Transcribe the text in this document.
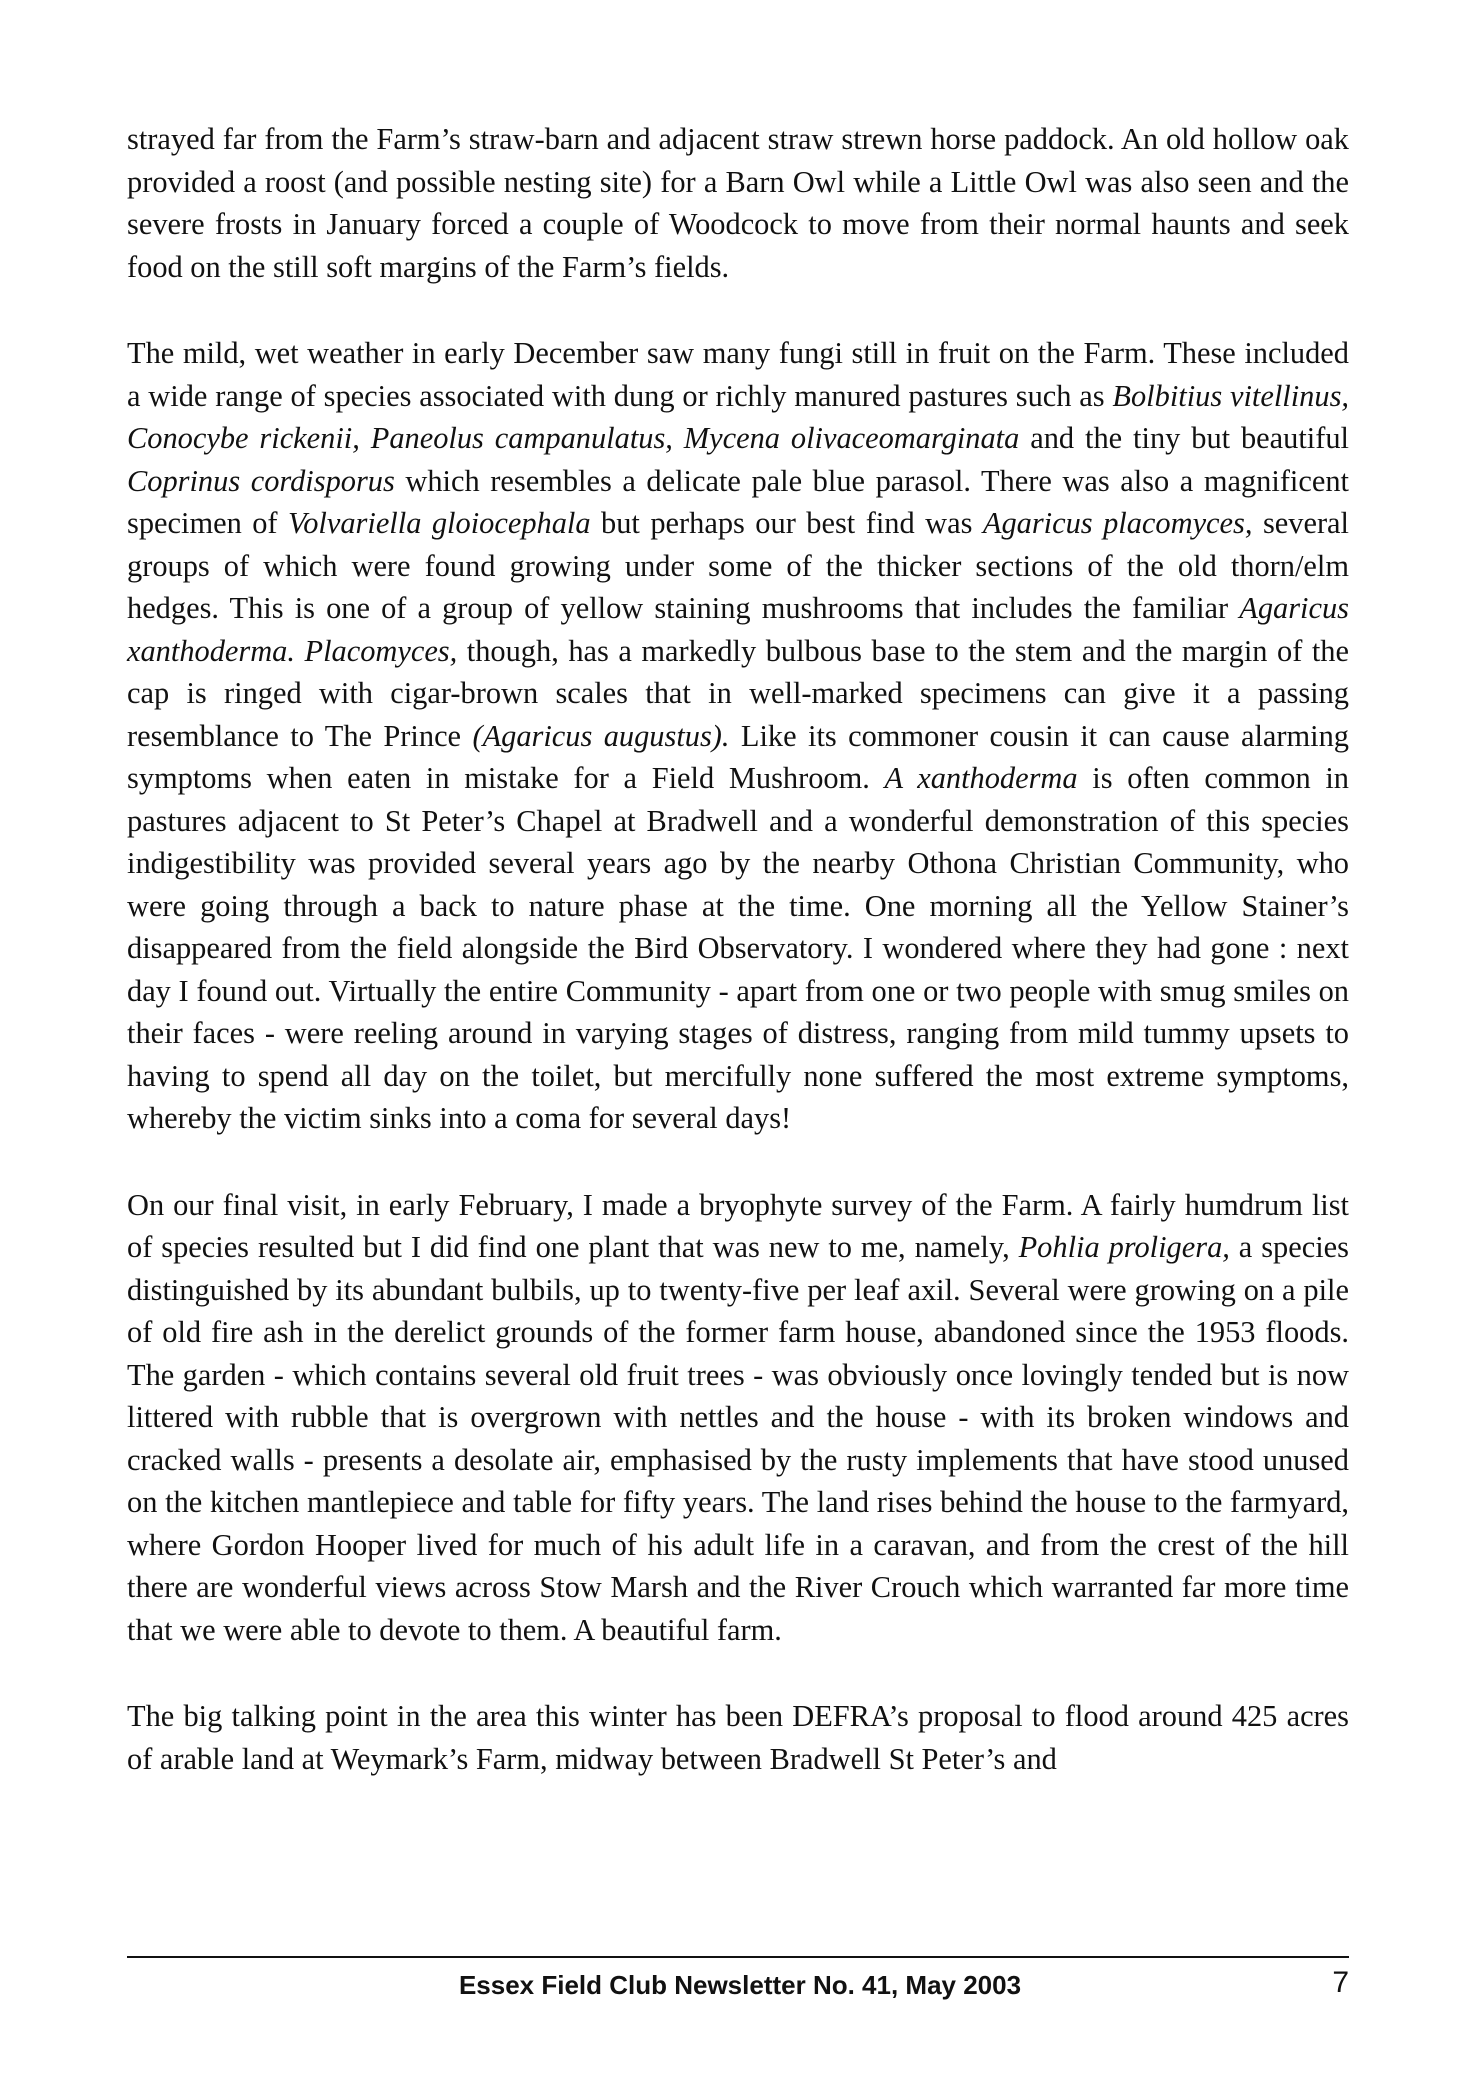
strayed far from the Farm’s straw-barn and adjacent straw strewn horse paddock. An old hollow oak provided a roost (and possible nesting site) for a Barn Owl while a Little Owl was also seen and the severe frosts in January forced a couple of Woodcock to move from their normal haunts and seek food on the still soft margins of the Farm’s fields.

The mild, wet weather in early December saw many fungi still in fruit on the Farm. These included a wide range of species associated with dung or richly manured pastures such as Bolbitius vitellinus, Conocybe rickenii, Paneolus campanulatus, Mycena olivaceomarginata and the tiny but beautiful Coprinus cordisporus which resembles a delicate pale blue parasol. There was also a magnificent specimen of Volvariella gloiocephala but perhaps our best find was Agaricus placomyces, several groups of which were found growing under some of the thicker sections of the old thorn/elm hedges. This is one of a group of yellow staining mushrooms that includes the familiar Agaricus xanthoderma. Placomyces, though, has a markedly bulbous base to the stem and the margin of the cap is ringed with cigar-brown scales that in well-marked specimens can give it a passing resemblance to The Prince (Agaricus augustus). Like its commoner cousin it can cause alarming symptoms when eaten in mistake for a Field Mushroom. A xanthoderma is often common in pastures adjacent to St Peter’s Chapel at Bradwell and a wonderful demonstration of this species indigestibility was provided several years ago by the nearby Othona Christian Community, who were going through a back to nature phase at the time. One morning all the Yellow Stainer’s disappeared from the field alongside the Bird Observatory. I wondered where they had gone : next day I found out. Virtually the entire Community - apart from one or two people with smug smiles on their faces - were reeling around in varying stages of distress, ranging from mild tummy upsets to having to spend all day on the toilet, but mercifully none suffered the most extreme symptoms, whereby the victim sinks into a coma for several days!

On our final visit, in early February, I made a bryophyte survey of the Farm. A fairly humdrum list of species resulted but I did find one plant that was new to me, namely, Pohlia proligera, a species distinguished by its abundant bulbils, up to twenty-five per leaf axil. Several were growing on a pile of old fire ash in the derelict grounds of the former farm house, abandoned since the 1953 floods. The garden - which contains several old fruit trees - was obviously once lovingly tended but is now littered with rubble that is overgrown with nettles and the house - with its broken windows and cracked walls - presents a desolate air, emphasised by the rusty implements that have stood unused on the kitchen mantlepiece and table for fifty years. The land rises behind the house to the farmyard, where Gordon Hooper lived for much of his adult life in a caravan, and from the crest of the hill there are wonderful views across Stow Marsh and the River Crouch which warranted far more time that we were able to devote to them. A beautiful farm.

The big talking point in the area this winter has been DEFRA’s proposal to flood around 425 acres of arable land at Weymark’s Farm, midway between Bradwell St Peter’s and

Essex Field Club Newsletter No. 41, May 2003	7
